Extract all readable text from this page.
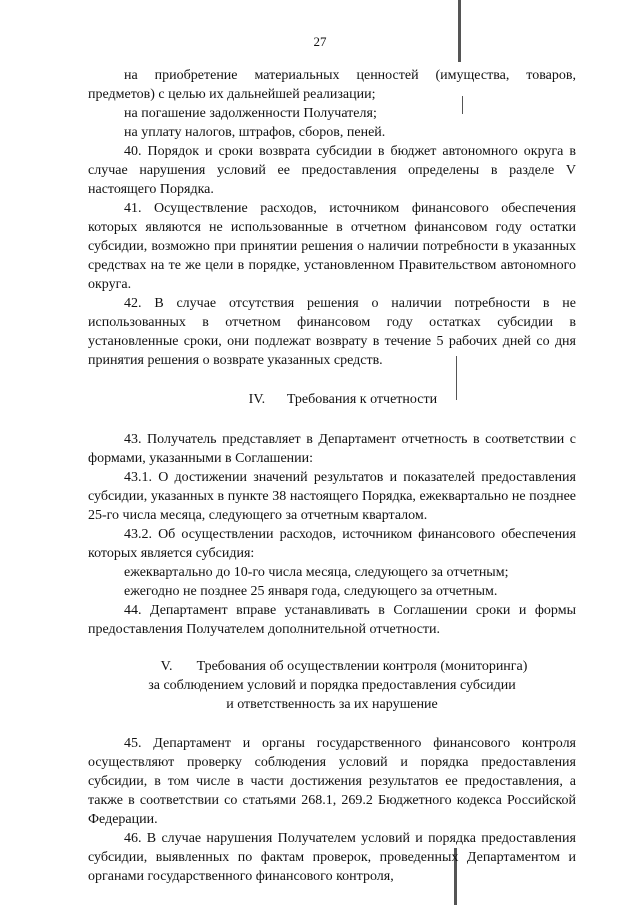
27

на приобретение материальных ценностей (имущества, товаров, предметов) с целью их дальнейшей реализации;

на погашение задолженности Получателя;

на уплату налогов, штрафов, сборов, пеней.

40. Порядок и сроки возврата субсидии в бюджет автономного округа в случае нарушения условий ее предоставления определены в разделе V настоящего Порядка.

41. Осуществление расходов, источником финансового обеспечения которых являются не использованные в отчетном финансовом году остатки субсидии, возможно при принятии решения о наличии потребности в указанных средствах на те же цели в порядке, установленном Правительством автономного округа.

42. В случае отсутствия решения о наличии потребности в не использованных в отчетном финансовом году остатках субсидии в установленные сроки, они подлежат возврату в течение 5 рабочих дней со дня принятия решения о возврате указанных средств.

IV. Требования к отчетности

43. Получатель представляет в Департамент отчетность в соответствии с формами, указанными в Соглашении:

43.1. О достижении значений результатов и показателей предоставления субсидии, указанных в пункте 38 настоящего Порядка, ежеквартально не позднее 25-го числа месяца, следующего за отчетным кварталом.

43.2. Об осуществлении расходов, источником финансового обеспечения которых является субсидия:

ежеквартально до 10-го числа месяца, следующего за отчетным;

ежегодно не позднее 25 января года, следующего за отчетным.

44. Департамент вправе устанавливать в Соглашении сроки и формы предоставления Получателем дополнительной отчетности.

V. Требования об осуществлении контроля (мониторинга)

за соблюдением условий и порядка предоставления субсидии

и ответственность за их нарушение

45. Департамент и органы государственного финансового контроля осуществляют проверку соблюдения условий и порядка предоставления субсидии, в том числе в части достижения результатов ее предоставления, а также в соответствии со статьями 268.1, 269.2 Бюджетного кодекса Российской Федерации.

46. В случае нарушения Получателем условий и порядка предоставления субсидии, выявленных по фактам проверок, проведенных Департаментом и органами государственного финансового контроля,
